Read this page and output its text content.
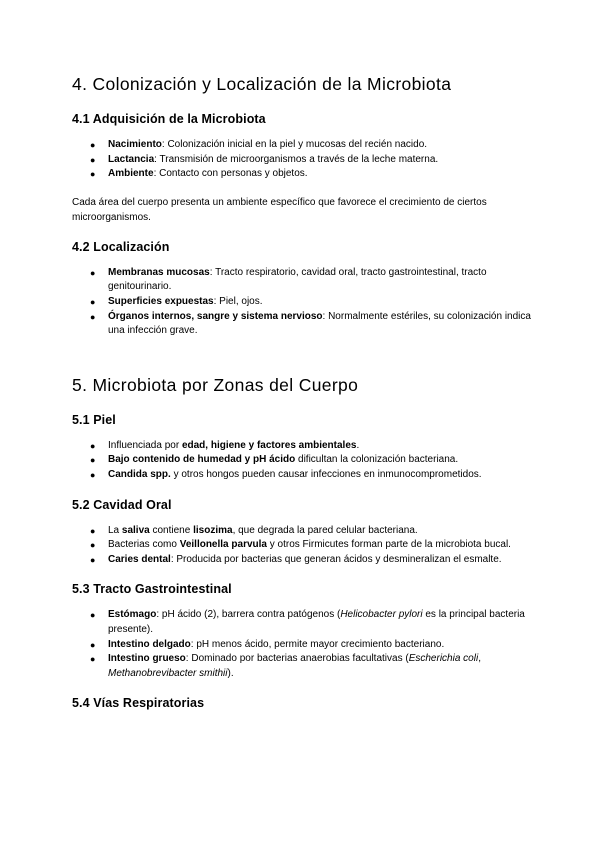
4. Colonización y Localización de la Microbiota
4.1 Adquisición de la Microbiota
● Nacimiento: Colonización inicial en la piel y mucosas del recién nacido.
● Lactancia: Transmisión de microorganismos a través de la leche materna.
● Ambiente: Contacto con personas y objetos.

Cada área del cuerpo presenta un ambiente específico que favorece el crecimiento de ciertos microorganismos.

4.2 Localización
● Membranas mucosas: Tracto respiratorio, cavidad oral, tracto gastrointestinal, tracto genitourinario.
● Superficies expuestas: Piel, ojos.
● Órganos internos, sangre y sistema nervioso: Normalmente estériles, su colonización indica una infección grave.
5. Microbiota por Zonas del Cuerpo
5.1 Piel
● Influenciada por edad, higiene y factores ambientales.
● Bajo contenido de humedad y pH ácido dificultan la colonización bacteriana.
● Candida spp. y otros hongos pueden causar infecciones en inmunocomprometidos.
5.2 Cavidad Oral
● La saliva contiene lisozima, que degrada la pared celular bacteriana.
● Bacterias como Veillonella parvula y otros Firmicutes forman parte de la microbiota bucal.
● Caries dental: Producida por bacterias que generan ácidos y desmineralizan el esmalte.
5.3 Tracto Gastrointestinal
● Estómago: pH ácido (2), barrera contra patógenos (Helicobacter pylori es la principal bacteria presente).
● Intestino delgado: pH menos ácido, permite mayor crecimiento bacteriano.
● Intestino grueso: Dominado por bacterias anaerobias facultativas (Escherichia coli, Methanobrevibacter smithii).
5.4 Vías Respiratorias
